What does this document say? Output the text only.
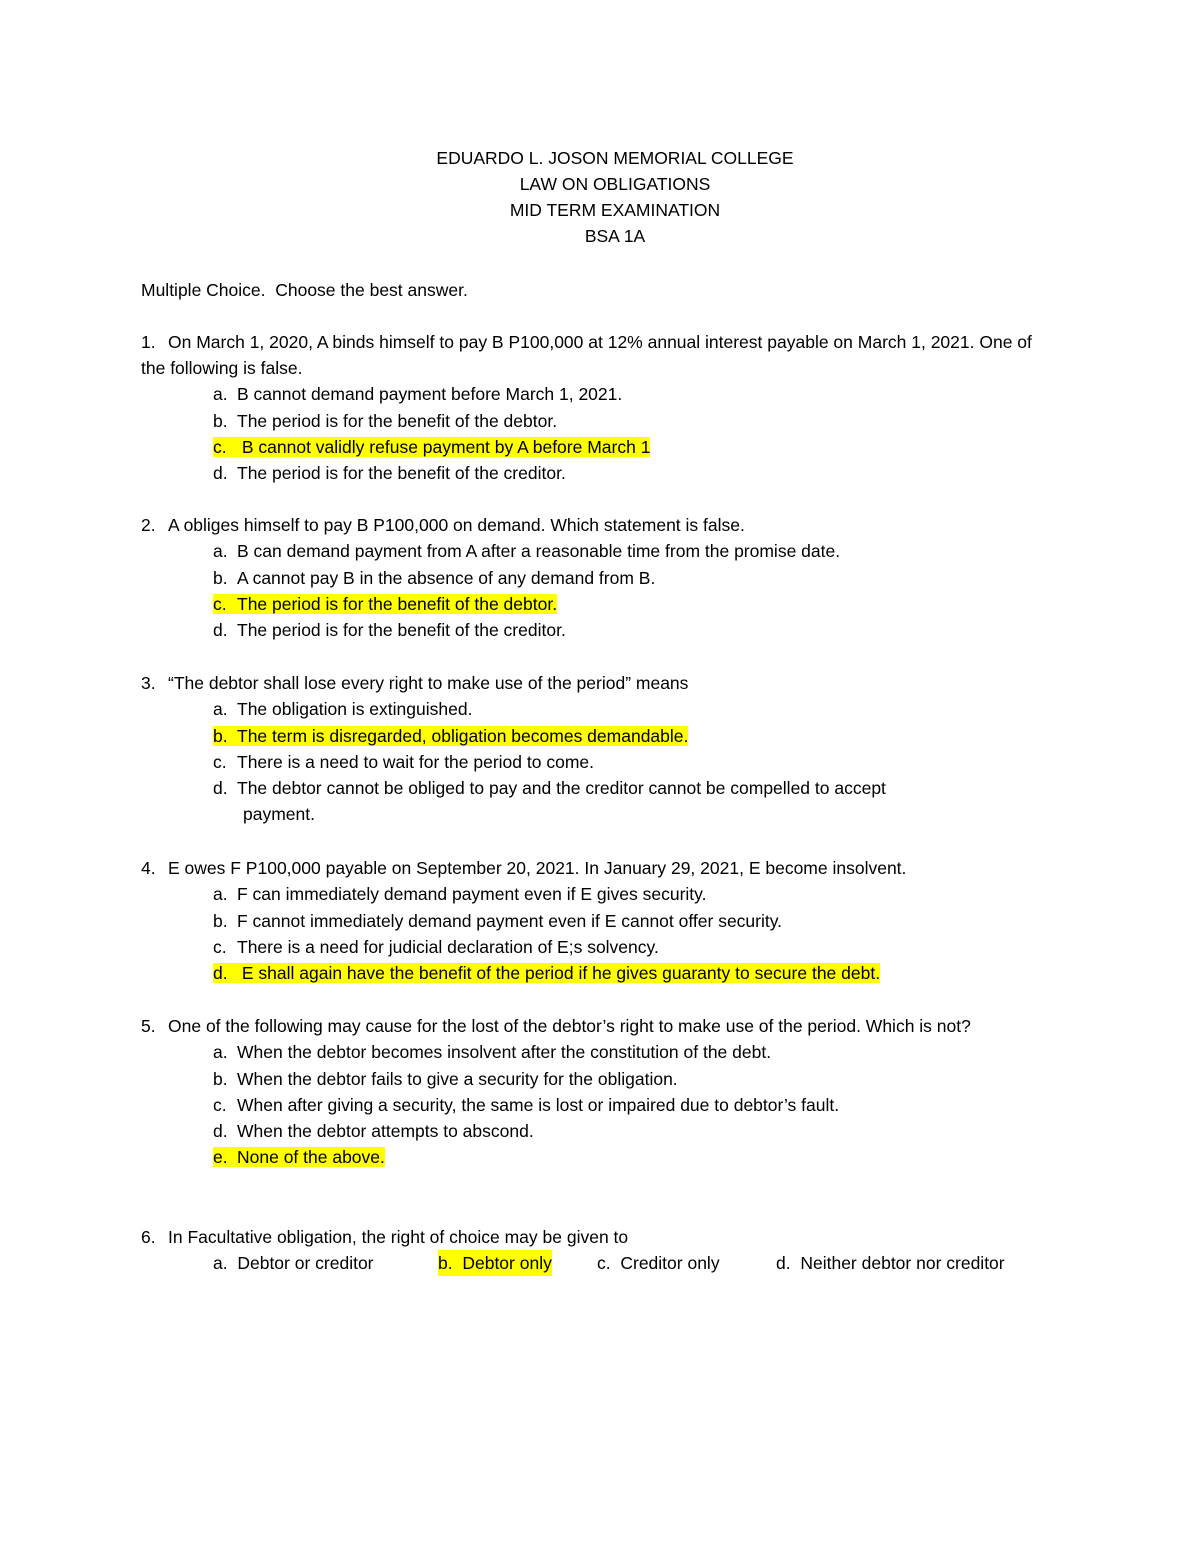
EDUARDO L. JOSON MEMORIAL COLLEGE
LAW ON OBLIGATIONS
MID TERM EXAMINATION
BSA 1A
Multiple Choice.  Choose the best answer.
1. On March 1, 2020, A binds himself to pay B P100,000 at 12% annual interest payable on March 1, 2021. One of the following is false.
a. B cannot demand payment before March 1, 2021.
b. The period is for the benefit of the debtor.
c. B cannot validly refuse payment by A before March 1
d. The period is for the benefit of the creditor.
2. A obliges himself to pay B P100,000 on demand. Which statement is false.
a. B can demand payment from A after a reasonable time from the promise date.
b. A cannot pay B in the absence of any demand from B.
c. The period is for the benefit of the debtor.
d. The period is for the benefit of the creditor.
3. “The debtor shall lose every right to make use of the period” means
a. The obligation is extinguished.
b. The term is disregarded, obligation becomes demandable.
c. There is a need to wait for the period to come.
d. The debtor cannot be obliged to pay and the creditor cannot be compelled to accept
payment.
4. E owes F P100,000 payable on September 20, 2021. In January 29, 2021, E become insolvent.
a. F can immediately demand payment even if E gives security.
b. F cannot immediately demand payment even if E cannot offer security.
c. There is a need for judicial declaration of E;s solvency.
d. E shall again have the benefit of the period if he gives guaranty to secure the debt.
5. One of the following may cause for the lost of the debtor’s right to make use of the period. Which is not?
a. When the debtor becomes insolvent after the constitution of the debt.
b. When the debtor fails to give a security for the obligation.
c. When after giving a security, the same is lost or impaired due to debtor’s fault.
d. When the debtor attempts to abscond.
e. None of the above.
6. In Facultative obligation, the right of choice may be given to
a. Debtor or creditor	b. Debtor only	c. Creditor only	d. Neither debtor nor creditor
